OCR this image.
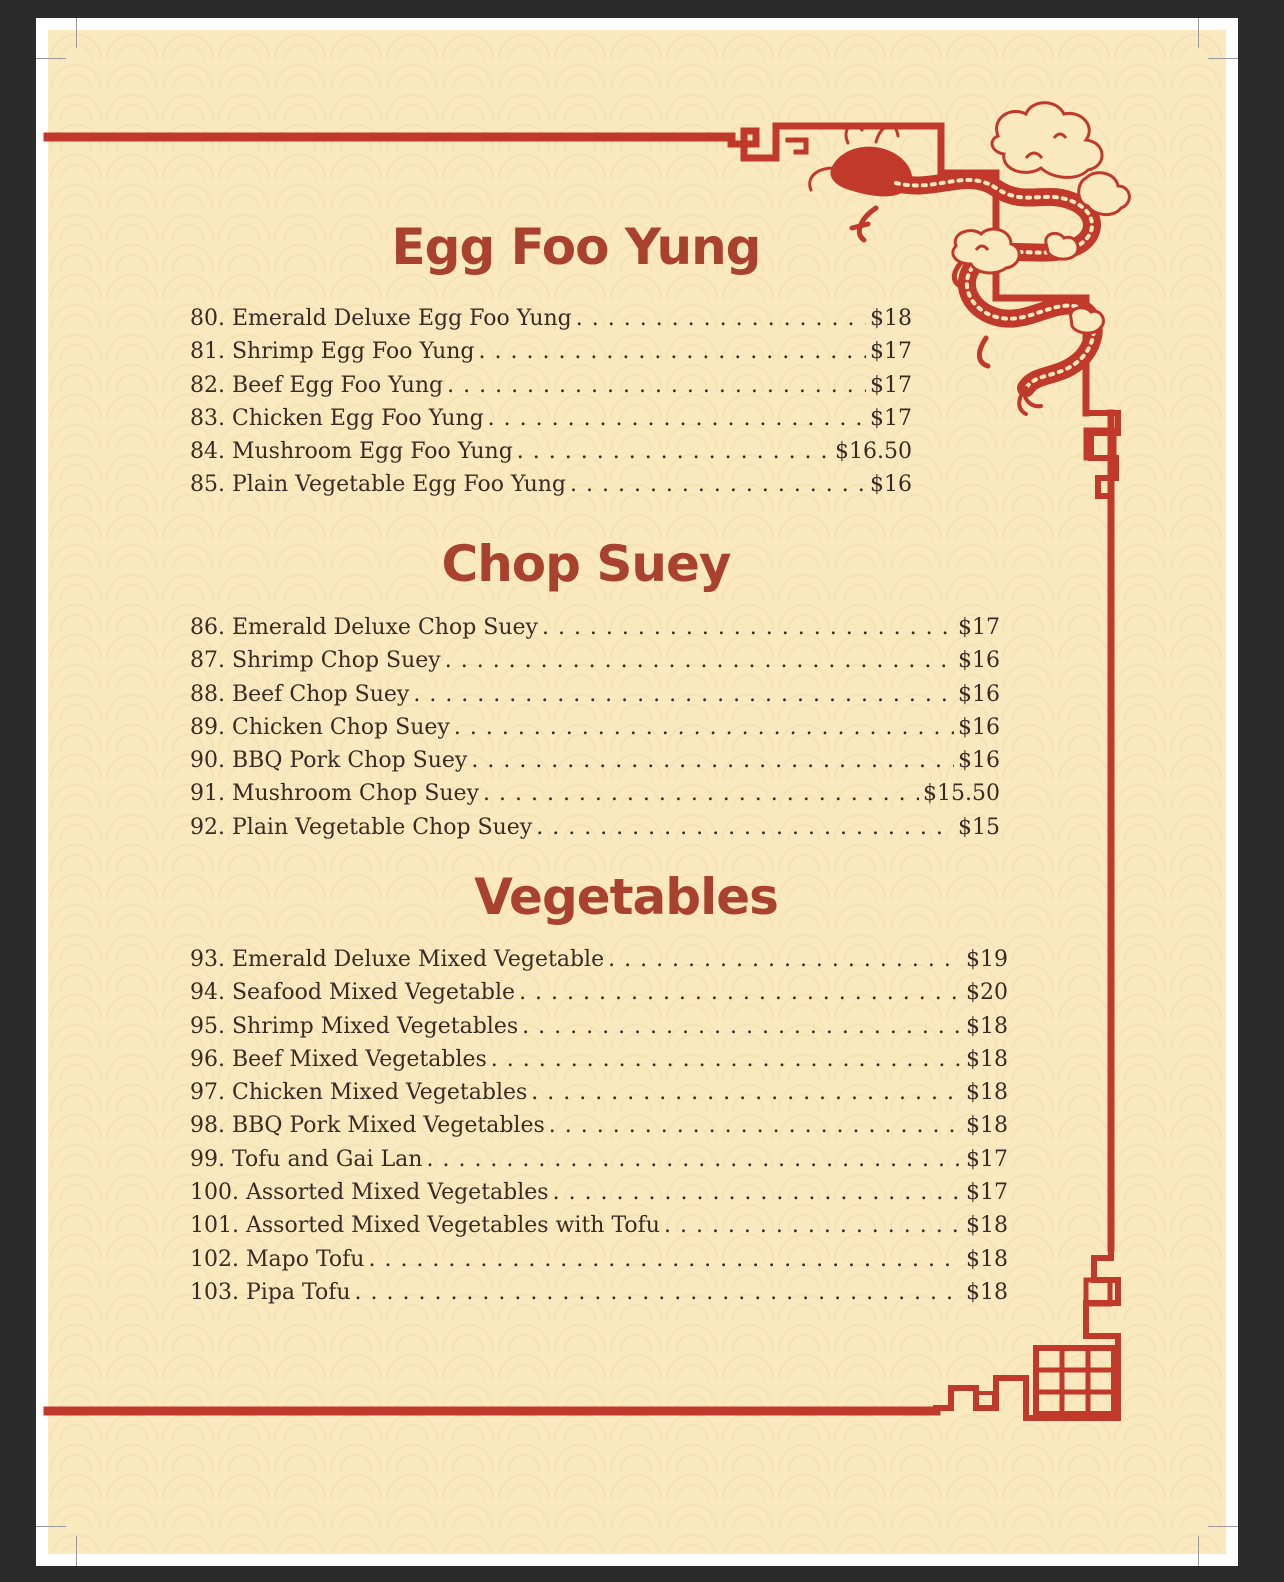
Egg Foo Yung
80. Emerald Deluxe Egg Foo Yung . . .	$18
81. Shrimp Egg Foo Yung . . .	$17
82. Beef Egg Foo Yung . . .	$17
83. Chicken Egg Foo Yung . . .	$17
84. Mushroom Egg Foo Yung . . .	$16.50
85. Plain Vegetable Egg Foo Yung . . .	$16
Chop Suey
86. Emerald Deluxe Chop Suey . . .	$17
87. Shrimp Chop Suey . . .	$16
88. Beef Chop Suey . . .	$16
89. Chicken Chop Suey . . .	$16
90. BBQ Pork Chop Suey . . .	$16
91. Mushroom Chop Suey . . .	$15.50
92. Plain Vegetable Chop Suey . . .	$15
Vegetables
93. Emerald Deluxe Mixed Vegetable . . .	$19
94. Seafood Mixed Vegetable . . .	$20
95. Shrimp Mixed Vegetables . . .	$18
96. Beef Mixed Vegetables . . .	$18
97. Chicken Mixed Vegetables . . .	$18
98. BBQ Pork Mixed Vegetables . . .	$18
99. Tofu and Gai Lan . . .	$17
100. Assorted Mixed Vegetables . . .	$17
101. Assorted Mixed Vegetables with Tofu . . .	$18
102. Mapo Tofu . . .	$18
103. Pipa Tofu . . .	$18
